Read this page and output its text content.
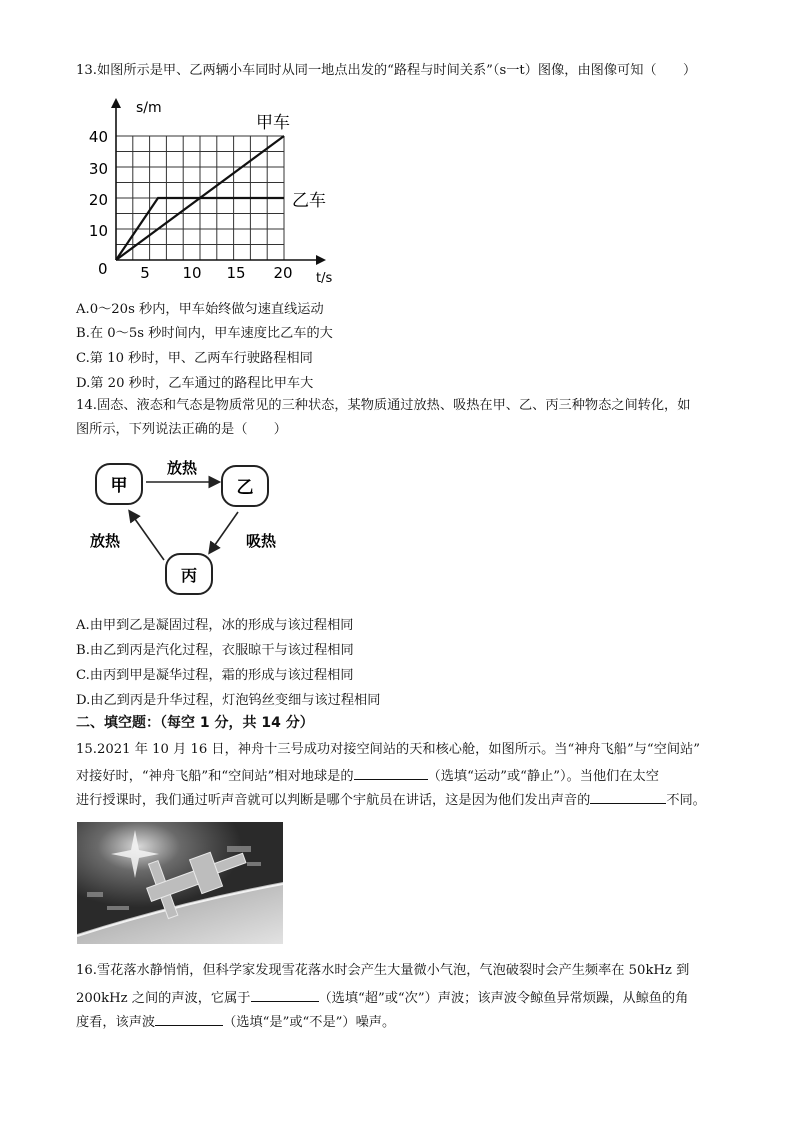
13.如图所示是甲、乙两辆小车同时从同一地点出发的“路程与时间关系”（s一t）图像，由图像可知（　　）
s/m
t/s
0 5 10 15 20
10
20
30
40
甲车
乙车
A.0～20s 秒内，甲车始终做匀速直线运动
B.在 0～5s 秒时间内，甲车速度比乙车的大
C.第 10 秒时，甲、乙两车行驶路程相同
D.第 20 秒时，乙车通过的路程比甲车大
14.固态、液态和气态是物质常见的三种状态，某物质通过放热、吸热在甲、乙、丙三种物态之间转化，如
图所示，下列说法正确的是（　　）
甲	乙
丙
放热
吸热
放热
A.由甲到乙是凝固过程，冰的形成与该过程相同
B.由乙到丙是汽化过程，衣服晾干与该过程相同
C.由丙到甲是凝华过程，霜的形成与该过程相同
D.由乙到丙是升华过程，灯泡钨丝变细与该过程相同
二、填空题：（每空 1 分，共 14 分）
15.2021 年 10 月 16 日，神舟十三号成功对接空间站的天和核心舱，如图所示。当“神舟飞船”与“空间站”
对接好时，“神舟飞船”和“空间站”相对地球是的	（选填“运动”或“静止”）。当他们在太空
进行授课时，我们通过听声音就可以判断是哪个宇航员在讲话，这是因为他们发出声音的	不同。
16.雪花落水静悄悄，但科学家发现雪花落水时会产生大量微小气泡，气泡破裂时会产生频率在 50kHz 到
200kHz 之间的声波，它属于	（选填“超”或“次”）声波；该声波令鲸鱼异常烦躁，从鲸鱼的角
度看，该声波	（选填“是”或“不是”）噪声。
